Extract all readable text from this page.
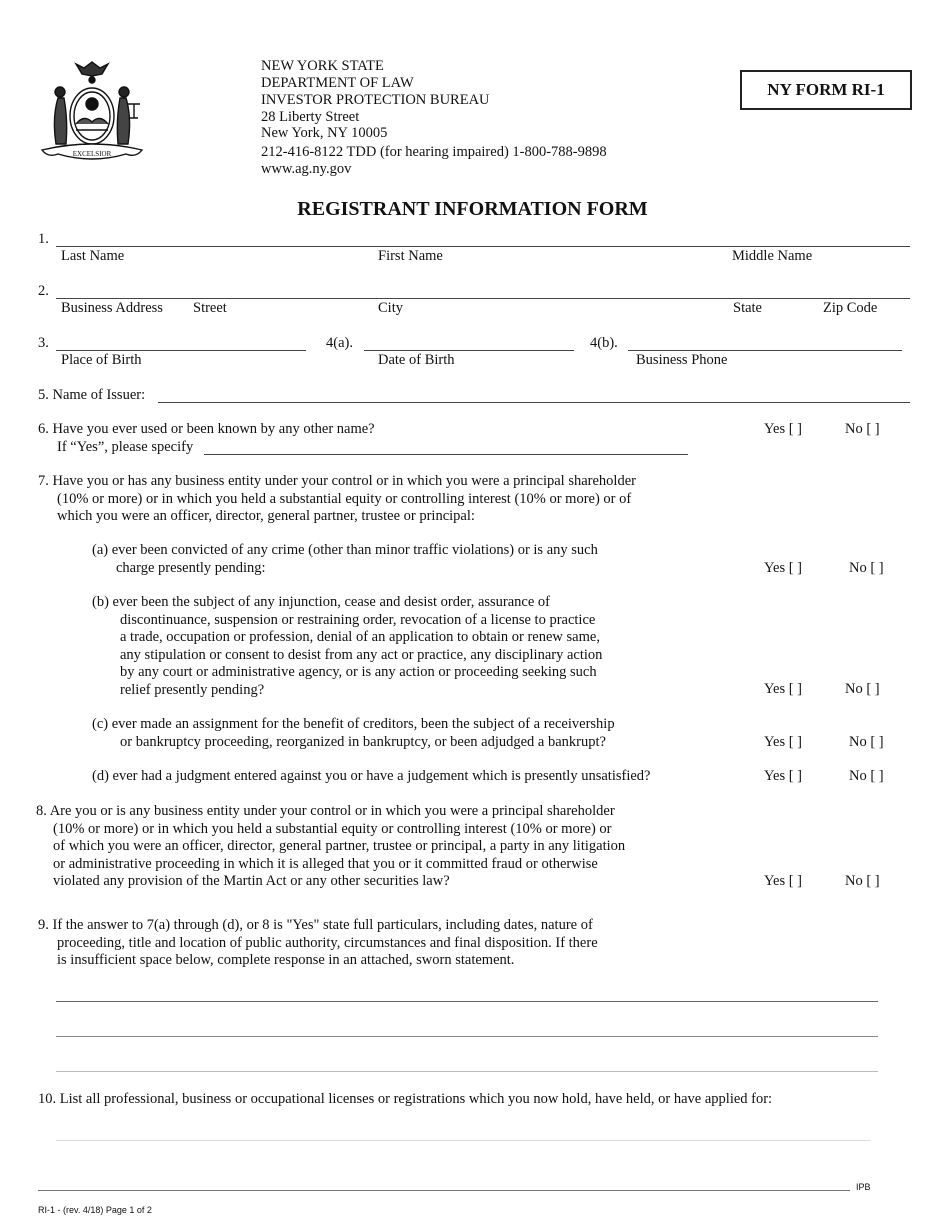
EXCELSIOR
NEW YORK STATE
DEPARTMENT OF LAW
INVESTOR PROTECTION BUREAU
28 Liberty Street
New York, NY 10005
212-416-8122 TDD (for hearing impaired) 1-800-788-9898
www.ag.ny.gov
NY FORM RI-1
REGISTRANT INFORMATION FORM
1.
Last Name	First Name	Middle Name
2.
Business Address Street	City	State	Zip Code
3.
Place of Birth
4(a).
Date of Birth
4(b).
Business Phone
5. Name of Issuer:
6. Have you ever used or been known by any other name?
If “Yes”, please specify
Yes [ ]	No [ ]
7. Have you or has any business entity under your control or in which you were a principal shareholder
(10% or more) or in which you held a substantial equity or controlling interest (10% or more) or of
which you were an officer, director, general partner, trustee or principal:
(a) ever been convicted of any crime (other than minor traffic violations) or is any such
charge presently pending:	Yes [ ]	No [ ]
(b) ever been the subject of any injunction, cease and desist order, assurance of
discontinuance, suspension or restraining order, revocation of a license to practice
a trade, occupation or profession, denial of an application to obtain or renew same,
any stipulation or consent to desist from any act or practice, any disciplinary action
by any court or administrative agency, or is any action or proceeding seeking such
relief presently pending?	Yes [ ]	No [ ]
(c) ever made an assignment for the benefit of creditors, been the subject of a receivership
or bankruptcy proceeding, reorganized in bankruptcy, or been adjudged a bankrupt?	Yes [ ]	No [ ]
(d) ever had a judgment entered against you or have a judgement which is presently unsatisfied?	Yes [ ]	No [ ]
8. Are you or is any business entity under your control or in which you were a principal shareholder
(10% or more) or in which you held a substantial equity or controlling interest (10% or more) or
of which you were an officer, director, general partner, trustee or principal, a party in any litigation
or administrative proceeding in which it is alleged that you or it committed fraud or otherwise
violated any provision of the Martin Act or any other securities law?	Yes [ ]	No [ ]
9. If the answer to 7(a) through (d), or 8 is "Yes" state full particulars, including dates, nature of
proceeding, title and location of public authority, circumstances and final disposition. If there
is insufficient space below, complete response in an attached, sworn statement.
10. List all professional, business or occupational licenses or registrations which you now hold, have held, or have applied for:
IPB
RI-1 - (rev. 4/18) Page 1 of 2
